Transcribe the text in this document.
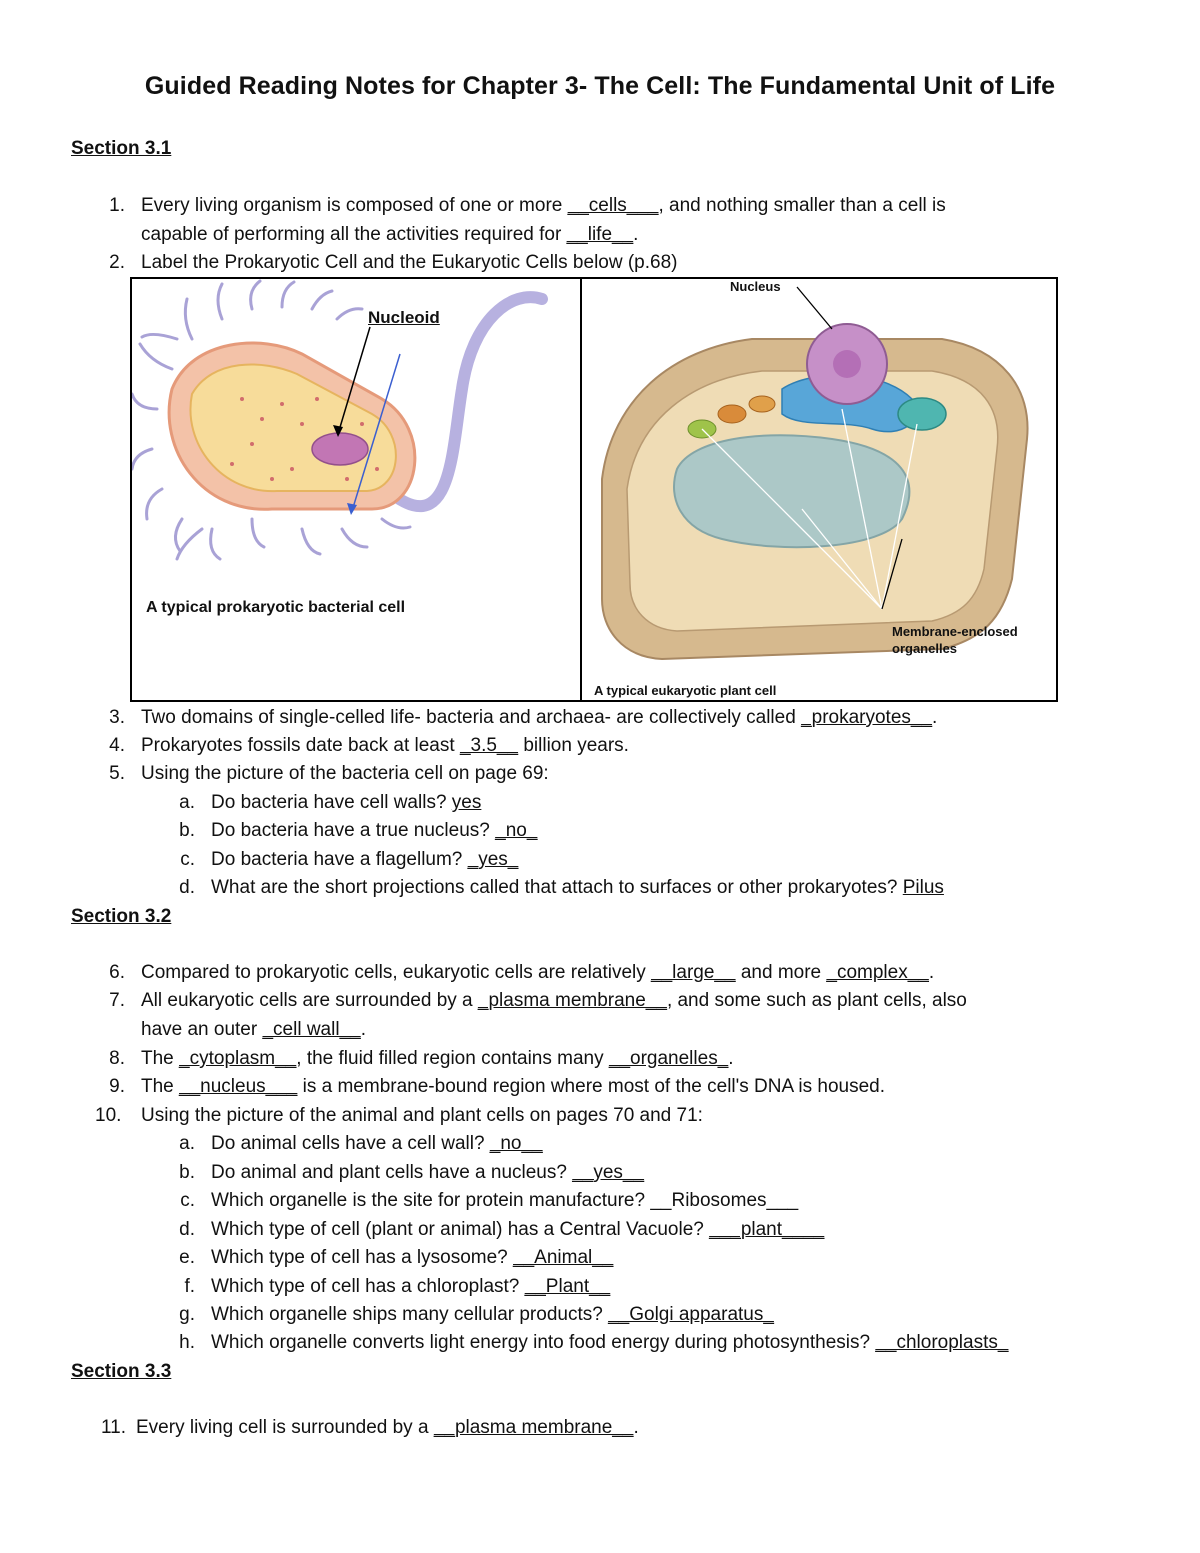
Guided Reading Notes for Chapter 3- The Cell: The Fundamental Unit of Life
Section 3.1
1. Every living organism is composed of one or more __cells___, and nothing smaller than a cell is
capable of performing all the activities required for __life__.
2. Label the Prokaryotic Cell and the Eukaryotic Cells below (p.68)
Nucleoid
A typical prokaryotic bacterial cell
Nucleus
Membrane-enclosed
organelles
A typical eukaryotic plant cell
3. Two domains of single-celled life- bacteria and archaea- are collectively called _prokaryotes__.
4. Prokaryotes fossils date back at least _3.5__ billion years.
5. Using the picture of the bacteria cell on page 69:
a. Do bacteria have cell walls? yes
b. Do bacteria have a true nucleus? _no_
c. Do bacteria have a flagellum? _yes_
d. What are the short projections called that attach to surfaces or other prokaryotes? Pilus
Section 3.2
6. Compared to prokaryotic cells, eukaryotic cells are relatively __large__ and more _complex__.
7. All eukaryotic cells are surrounded by a _plasma membrane__, and some such as plant cells, also
have an outer _cell wall__.
8. The _cytoplasm__, the fluid filled region contains many __organelles_.
9. The __nucleus___ is a membrane-bound region where most of the cell's DNA is housed.
10.	Using the picture of the animal and plant cells on pages 70 and 71:
a. Do animal cells have a cell wall? _no__
b. Do animal and plant cells have a nucleus? __yes__
c. Which organelle is the site for protein manufacture? __Ribosomes___
d. Which type of cell (plant or animal) has a Central Vacuole? ___plant____
e. Which type of cell has a lysosome? __Animal__
f. Which type of cell has a chloroplast? __Plant__
g. Which organelle ships many cellular products? __Golgi apparatus_
h. Which organelle converts light energy into food energy during photosynthesis? __chloroplasts_
Section 3.3
11. Every living cell is surrounded by a __plasma membrane__.
